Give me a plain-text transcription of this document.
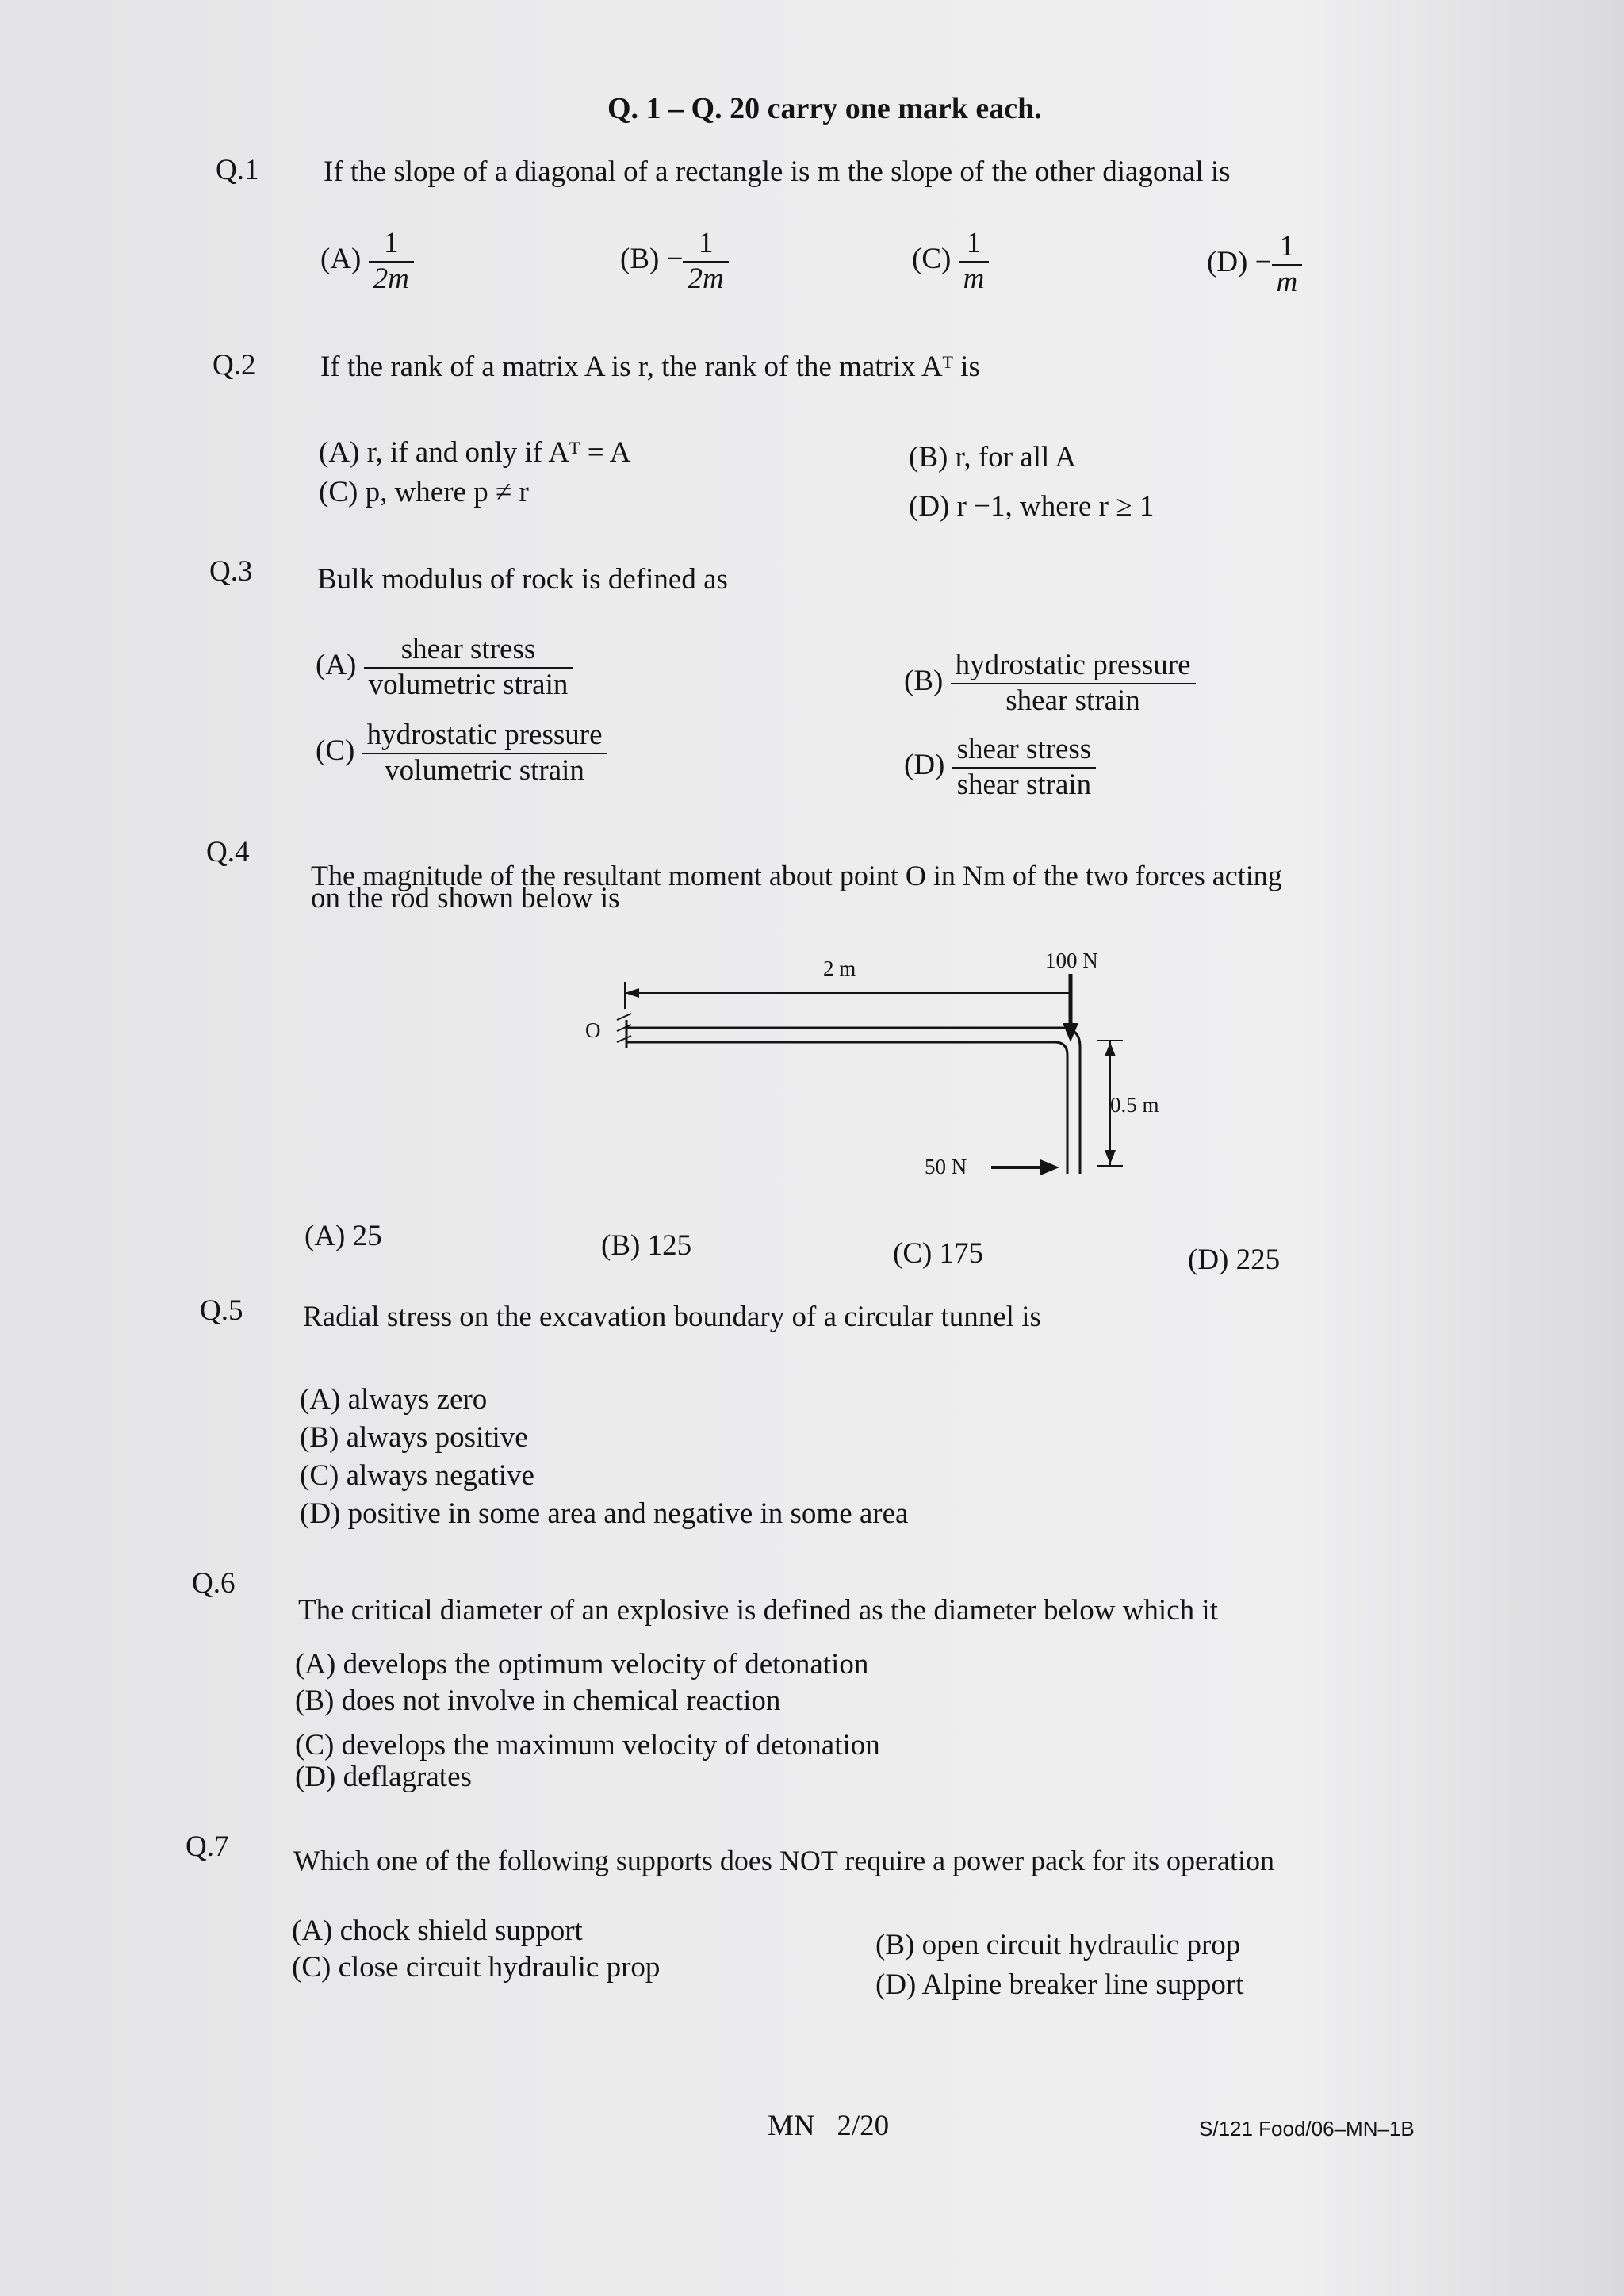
Q. 1 – Q. 20 carry one mark each.
Q.1 If the slope of a diagonal of a rectangle is m the slope of the other diagonal is
$(A) \frac{1}{2m}$	$(B) - \frac{1}{2m}$	$(C) \frac{1}{m}$	$(D) - \frac{1}{m}$
Q.2 If the rank of a matrix A is r, the rank of the matrix Aᵀ is
(A) r, if and only if Aᵀ = A	(B) r, for all A
(C) p, where p ≠ r	(D) r −1, where r ≥ 1
Q.3 Bulk modulus of rock is defined as
$(A) \frac{\text{shear stress}}{\text{volumetric strain}}$	$(B) \frac{\text{hydrostatic pressure}}{\text{shear strain}}$
$(C) \frac{\text{hydrostatic pressure}}{\text{volumetric strain}}$	$(D) \frac{\text{shear stress}}{\text{shear strain}}$
Q.4
The magnitude of the resultant moment about point O in Nm of the two forces acting
on the rod shown below is
2 m	100 N
O
0.5 m
50 N
(A) 25	(B) 125	(C) 175	(D) 225
Q.5 Radial stress on the excavation boundary of a circular tunnel is
(A) always zero
(B) always positive
(C) always negative
(D) positive in some area and negative in some area
Q.6
The critical diameter of an explosive is defined as the diameter below which it
(A) develops the optimum velocity of detonation
(B) does not involve in chemical reaction
(C) develops the maximum velocity of detonation
(D) deflagrates
Q.7 Which one of the following supports does NOT require a power pack for its operation
(A) chock shield support	(B) open circuit hydraulic prop
(C) close circuit hydraulic prop
(D) Alpine breaker line support
MN   2/20	S/121 Food/06–MN–1B
